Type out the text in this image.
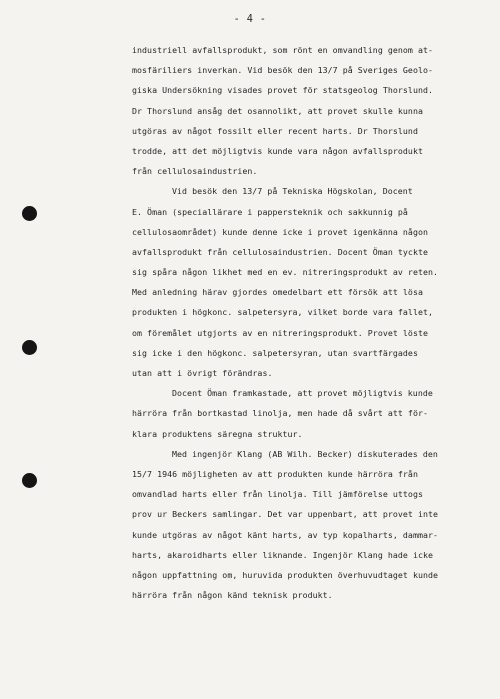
- 4 -
industriell avfallsprodukt, som rönt en omvandling genom at-
mosfäriliers inverkan. Vid besök den 13/7 på Sveriges Geolo-
giska Undersökning visades provet för statsgeolog Thorslund.
Dr Thorslund ansåg det osannolikt, att provet skulle kunna
utgöras av något fossilt eller recent harts. Dr Thorslund
trodde, att det möjligtvis kunde vara någon avfallsprodukt
från cellulosaindustrien.
Vid besök den 13/7 på Tekniska Högskolan, Docent
E. Öman (speciallärare i pappersteknik och sakkunnig på
cellulosaområdet) kunde denne icke i provet igenkänna någon
avfallsprodukt från cellulosaindustrien. Docent Öman tyckte
sig spåra någon likhet med en ev. nitreringsprodukt av reten.
Med anledning härav gjordes omedelbart ett försök att lösa
produkten i högkonc. salpetersyra, vilket borde vara fallet,
om föremålet utgjorts av en nitreringsprodukt. Provet löste
sig icke i den högkonc. salpetersyran, utan svartfärgades
utan att i övrigt förändras.
Docent Öman framkastade, att provet möjligtvis kunde
härröra från bortkastad linolja, men hade då svårt att för-
klara produktens säregna struktur.
Med ingenjör Klang (AB Wilh. Becker) diskuterades den
15/7 1946 möjligheten av att produkten kunde härröra från
omvandlad harts eller från linolja. Till jämförelse uttogs
prov ur Beckers samlingar. Det var uppenbart, att provet inte
kunde utgöras av något känt harts, av typ kopalharts, dammar-
harts, akaroidharts eller liknande. Ingenjör Klang hade icke
någon uppfattning om, huruvida produkten överhuvudtaget kunde
härröra från någon känd teknisk produkt.
